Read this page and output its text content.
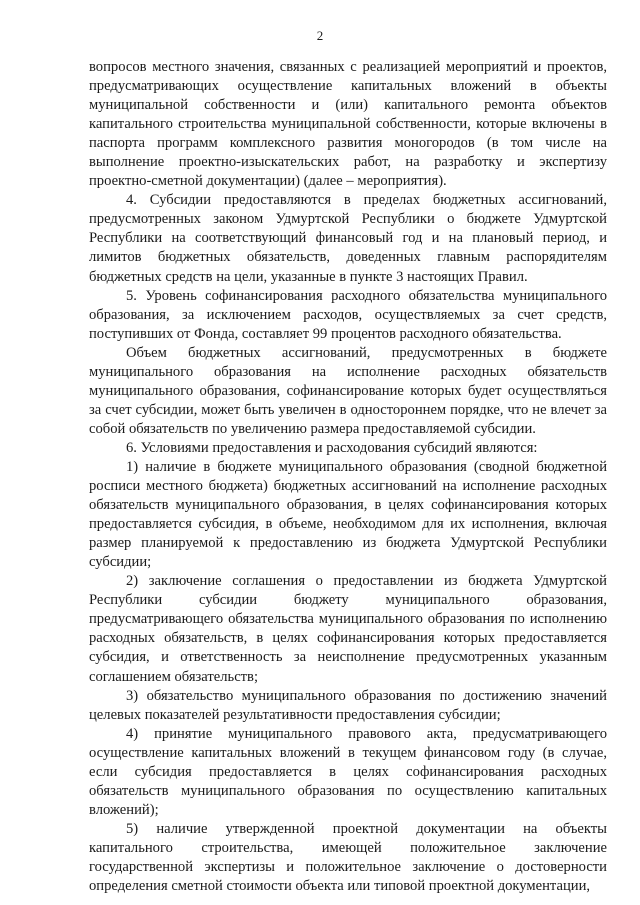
2

вопросов местного значения, связанных с реализацией мероприятий и проектов, предусматривающих осуществление капитальных вложений в объекты муниципальной собственности и (или) капитального ремонта объектов капитального строительства муниципальной собственности, которые включены в паспорта программ комплексного развития моногородов (в том числе на выполнение проектно-изыскательских работ, на разработку и экспертизу проектно-сметной документации) (далее – мероприятия).

4. Субсидии предоставляются в пределах бюджетных ассигнований, предусмотренных законом Удмуртской Республики о бюджете Удмуртской Республики на соответствующий финансовый год и на плановый период, и лимитов бюджетных обязательств, доведенных главным распорядителям бюджетных средств на цели, указанные в пункте 3 настоящих Правил.

5. Уровень софинансирования расходного обязательства муниципального образования, за исключением расходов, осуществляемых за счет средств, поступивших от Фонда, составляет 99 процентов расходного обязательства.

Объем бюджетных ассигнований, предусмотренных в бюджете муниципального образования на исполнение расходных обязательств муниципального образования, софинансирование которых будет осуществляться за счет субсидии, может быть увеличен в одностороннем порядке, что не влечет за собой обязательств по увеличению размера предоставляемой субсидии.

6. Условиями предоставления и расходования субсидий являются:

1) наличие в бюджете муниципального образования (сводной бюджетной росписи местного бюджета) бюджетных ассигнований на исполнение расходных обязательств муниципального образования, в целях софинансирования которых предоставляется субсидия, в объеме, необходимом для их исполнения, включая размер планируемой к предоставлению из бюджета Удмуртской Республики субсидии;

2) заключение соглашения о предоставлении из бюджета Удмуртской Республики субсидии бюджету муниципального образования, предусматривающего обязательства муниципального образования по исполнению расходных обязательств, в целях софинансирования которых предоставляется субсидия, и ответственность за неисполнение предусмотренных указанным соглашением обязательств;

3) обязательство муниципального образования по достижению значений целевых показателей результативности предоставления субсидии;

4) принятие муниципального правового акта, предусматривающего осуществление капитальных вложений в текущем финансовом году (в случае, если субсидия предоставляется в целях софинансирования расходных обязательств муниципального образования по осуществлению капитальных вложений);

5) наличие утвержденной проектной документации на объекты капитального строительства, имеющей положительное заключение государственной экспертизы и положительное заключение о достоверности определения сметной стоимости объекта или типовой проектной документации,
